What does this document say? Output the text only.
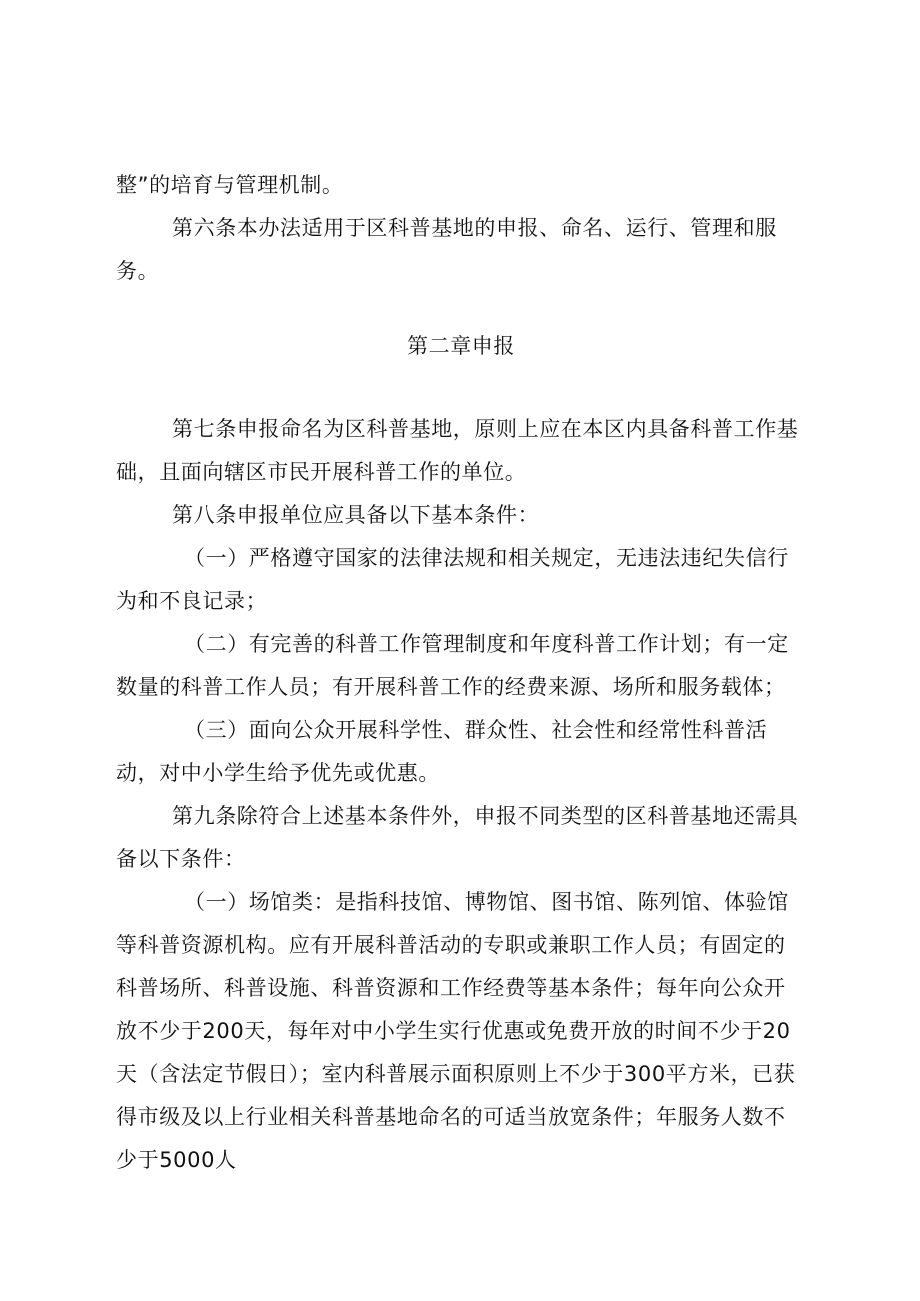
整”的培育与管理机制。

第六条本办法适用于区科普基地的申报、命名、运行、管理和服务。

第二章申报

第七条申报命名为区科普基地，原则上应在本区内具备科普工作基础，且面向辖区市民开展科普工作的单位。

第八条申报单位应具备以下基本条件：

（一）严格遵守国家的法律法规和相关规定，无违法违纪失信行为和不良记录；

（二）有完善的科普工作管理制度和年度科普工作计划；有一定数量的科普工作人员；有开展科普工作的经费来源、场所和服务载体；

（三）面向公众开展科学性、群众性、社会性和经常性科普活动，对中小学生给予优先或优惠。

第九条除符合上述基本条件外，申报不同类型的区科普基地还需具备以下条件：

（一）场馆类：是指科技馆、博物馆、图书馆、陈列馆、体验馆等科普资源机构。应有开展科普活动的专职或兼职工作人员；有固定的科普场所、科普设施、科普资源和工作经费等基本条件；每年向公众开放不少于200天，每年对中小学生实行优惠或免费开放的时间不少于20天（含法定节假日）；室内科普展示面积原则上不少于300平方米，已获得市级及以上行业相关科普基地命名的可适当放宽条件；年服务人数不少于5000人
